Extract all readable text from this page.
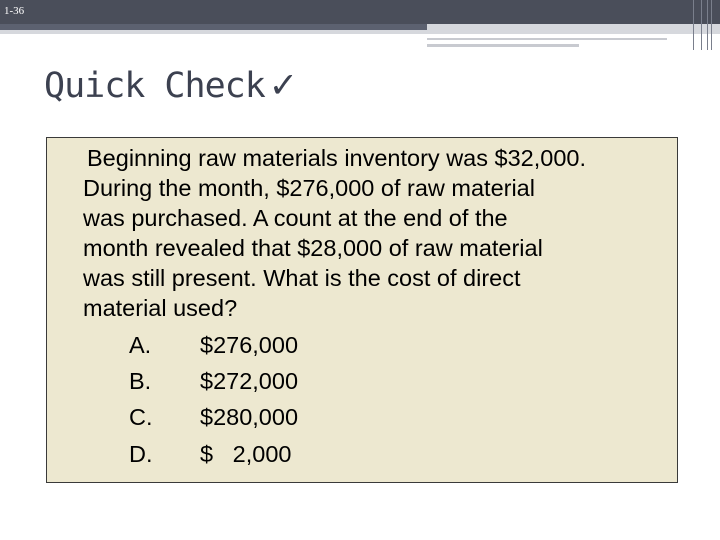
1-36
Quick Check ✓
Beginning raw materials inventory was $32,000.
During the month, $276,000 of raw material
was purchased. A count at the end of the
month revealed that $28,000 of raw material
was still present. What is the cost of direct
material used?
A. $276,000
B. $272,000
C. $280,000
D. $   2,000
